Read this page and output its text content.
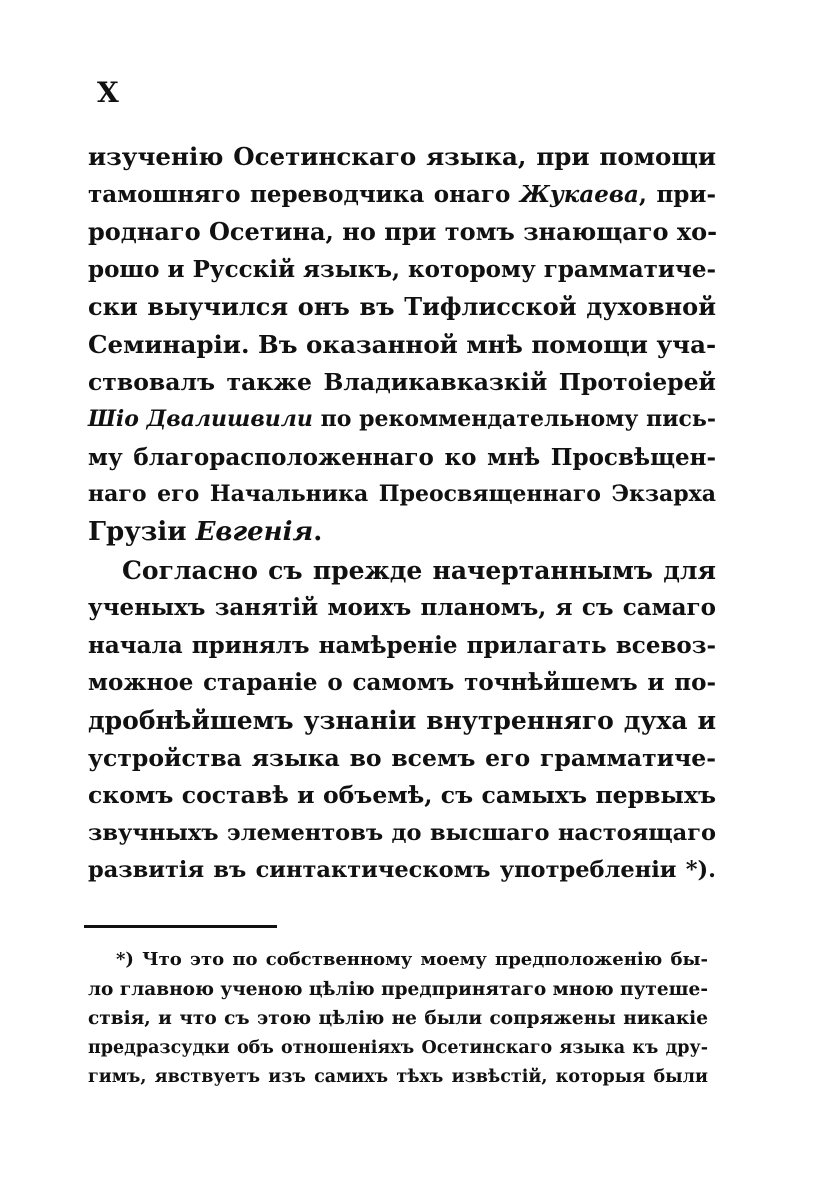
X
изученію Осетинскаго языка, при помощи
тамошняго переводчика онаго Жукаева, при-
роднаго Осетина, но при томъ знающаго хо-
рошо и Русскій языкъ, которому грамматиче-
ски выучился онъ въ Тифлисской духовной
Семинаріи. Въ оказанной мнѣ помощи уча-
ствовалъ также Владикавказкій Протоіерей
Шіо Двалишвили по рекоммендательному пись-
му благорасположеннаго ко мнѣ Просвѣщен-
наго его Начальника Преосвященнаго Экзарха
Грузіи Евгенія.
Согласно съ прежде начертаннымъ для
ученыхъ занятій моихъ планомъ, я съ самаго
начала принялъ намѣреніе прилагать всевоз-
можное стараніе о самомъ точнѣйшемъ и по-
дробнѣйшемъ узнаніи внутренняго духа и
устройства языка во всемъ его грамматиче-
скомъ составѣ и объемѣ, съ самыхъ первыхъ
звучныхъ элементовъ до высшаго настоящаго
развитія въ синтактическомъ употребленіи *).
*) Что это по собственному моему предположенію бы-
ло главною ученою цѣлію предпринятаго мною путеше-
ствія, и что съ этою цѣлію не были сопряжены никакіе
предразсудки объ отношеніяхъ Осетинскаго языка къ дру-
гимъ, явствуетъ изъ самихъ тѣхъ извѣстій, которыя были
